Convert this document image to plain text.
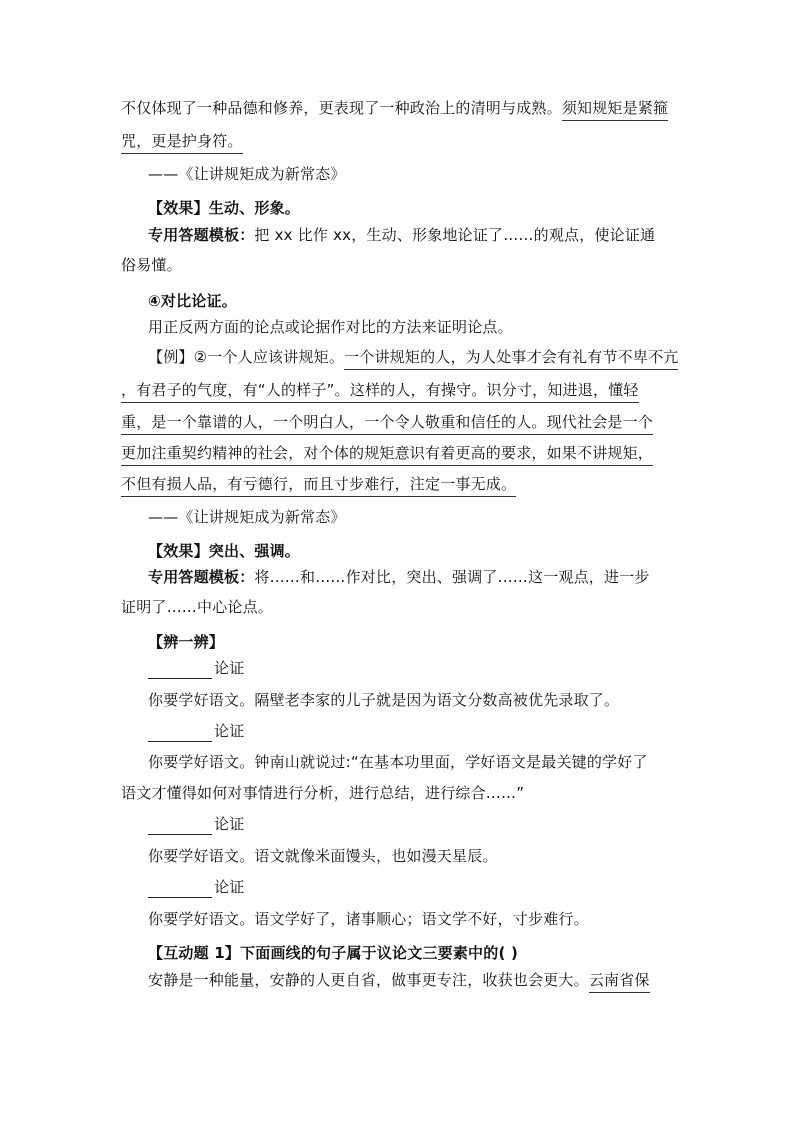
不仅体现了一种品德和修养，更表现了一种政治上的清明与成熟。须知规矩是紧箍
咒，更是护身符。
——《让讲规矩成为新常态》
【效果】生动、形象。
专用答题模板：把 xx 比作 xx，生动、形象地论证了……的观点，使论证通
俗易懂。
④对比论证。
用正反两方面的论点或论据作对比的方法来证明论点。
【例】②一个人应该讲规矩。一个讲规矩的人，为人处事才会有礼有节不卑不亢
，有君子的气度，有“人的样子”。这样的人，有操守。识分寸，知进退，懂轻
重，是一个靠谱的人，一个明白人，一个令人敬重和信任的人。现代社会是一个
更加注重契约精神的社会，对个体的规矩意识有着更高的要求，如果不讲规矩，
不但有损人品，有亏德行，而且寸步难行，注定一事无成。
——《让讲规矩成为新常态》
【效果】突出、强调。
专用答题模板：将……和……作对比，突出、强调了……这一观点，进一步
证明了……中心论点。
【辨一辨】
论证
你要学好语文。隔壁老李家的儿子就是因为语文分数高被优先录取了。
论证
你要学好语文。钟南山就说过:“在基本功里面，学好语文是最关键的学好了
语文才懂得如何对事情进行分析，进行总结，进行综合……”
论证
你要学好语文。语文就像米面馒头，也如漫天星辰。
论证
你要学好语文。语文学好了，诸事顺心；语文学不好，寸步难行。
【互动题 1】下面画线的句子属于议论文三要素中的( )
安静是一种能量，安静的人更自省，做事更专注，收获也会更大。云南省保
